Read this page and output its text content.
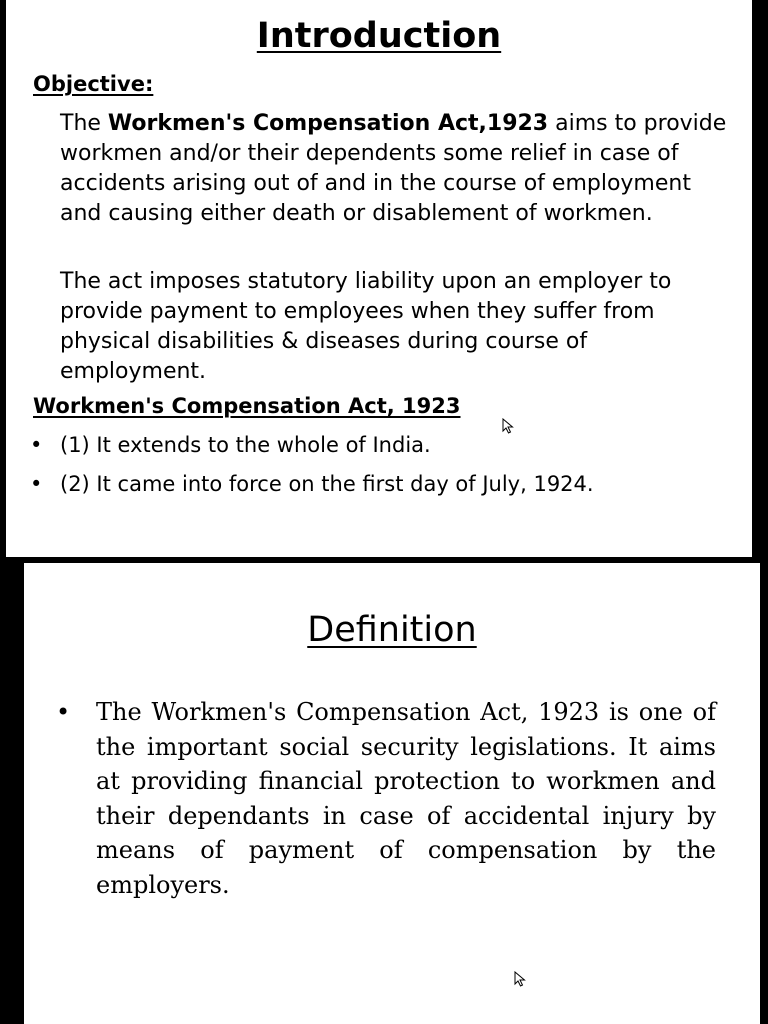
Introduction
Objective:

The Workmen's Compensation Act,1923 aims to provide workmen and/or their dependents some relief in case of accidents arising out of and in the course of employment and causing either death or disablement of workmen.

The act imposes statutory liability upon an employer to provide payment to employees when they suffer from physical disabilities & diseases during course of employment.

Workmen's Compensation Act, 1923
• (1) It extends to the whole of India.
• (2) It came into force on the first day of July, 1924.
Definition
• The Workmen's Compensation Act, 1923 is one of the important social security legislations. It aims at providing financial protection to workmen and their dependants in case of accidental injury by means of payment of compensation by the employers.
